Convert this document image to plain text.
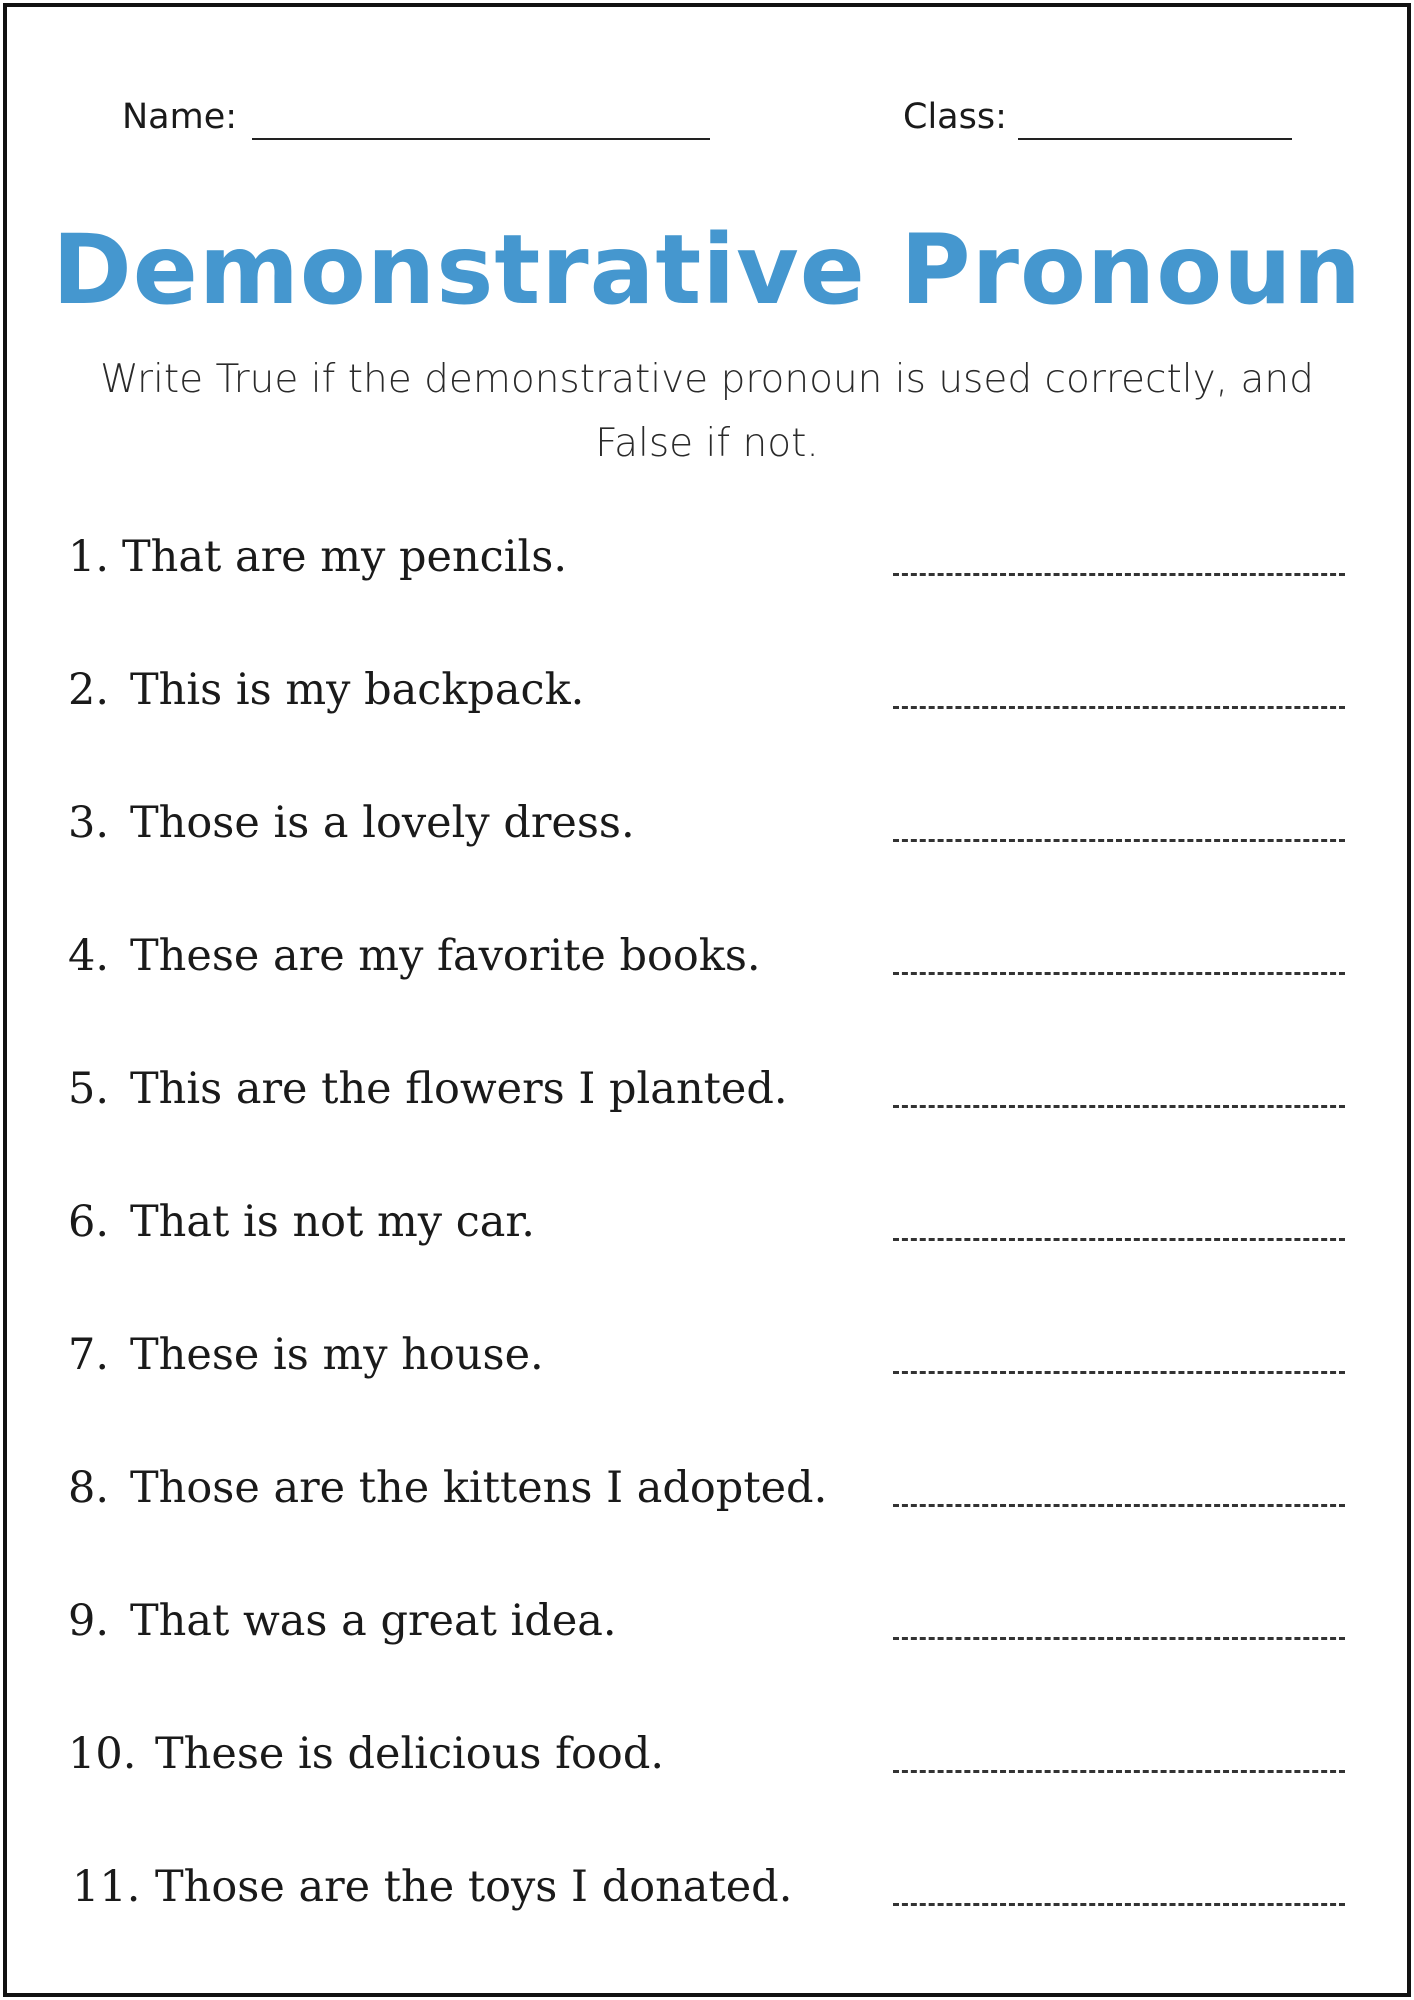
Name:	Class:
Demonstrative Pronoun
Write True if the demonstrative pronoun is used correctly, and False if not.
1. That are my pencils.
2. This is my backpack.
3. Those is a lovely dress.
4. These are my favorite books.
5. This are the flowers I planted.
6. That is not my car.
7. These is my house.
8. Those are the kittens I adopted.
9. That was a great idea.
10. These is delicious food.
11. Those are the toys I donated.
